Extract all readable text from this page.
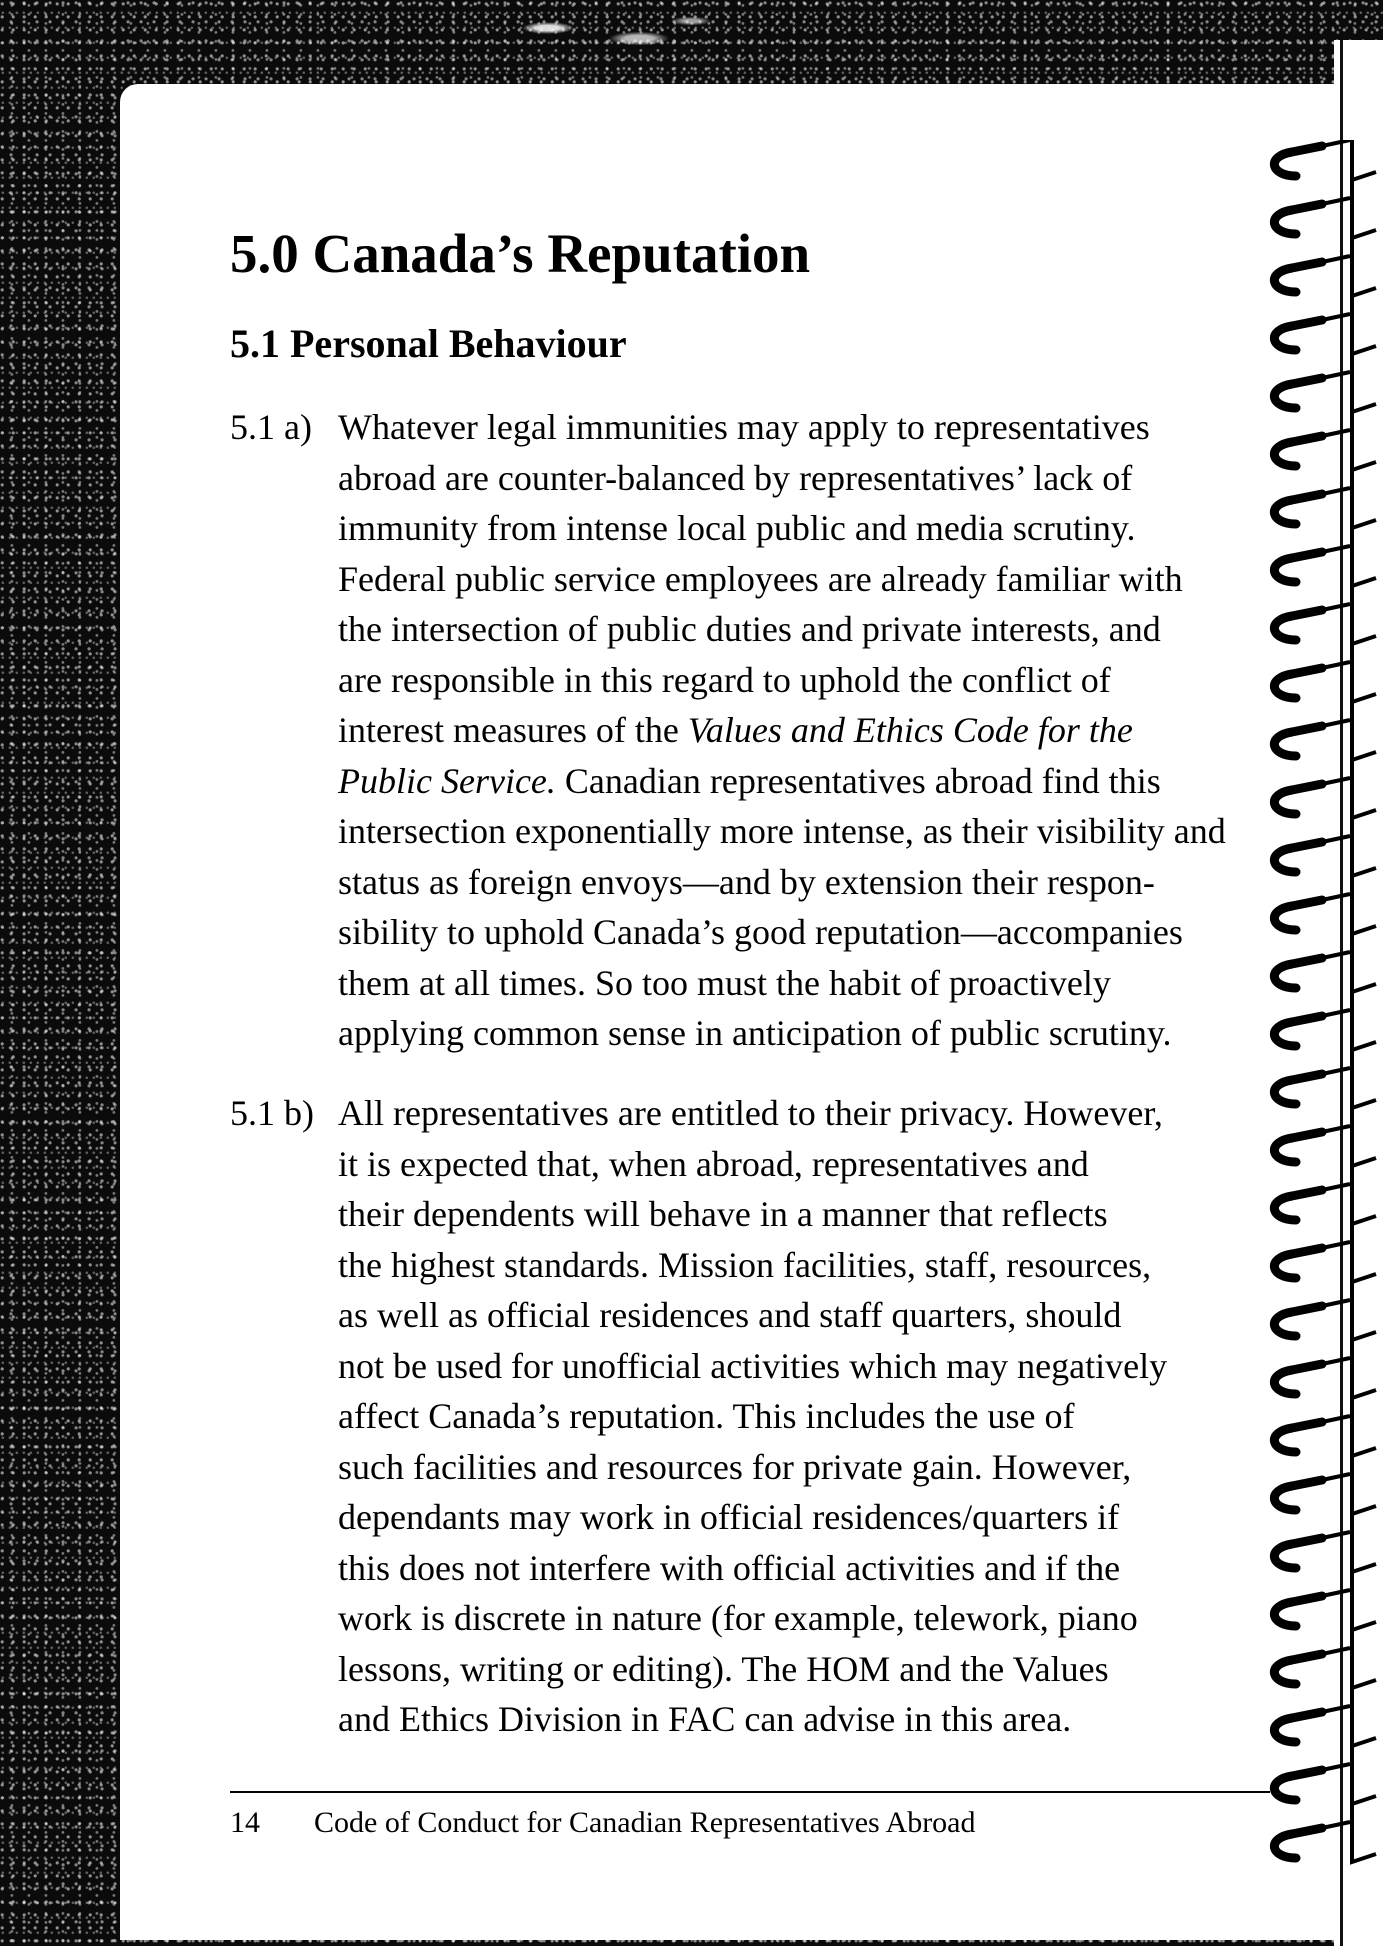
5.0 Canada’s Reputation
5.1 Personal Behaviour
5.1 a) Whatever legal immunities may apply to representatives
abroad are counter-balanced by representatives’ lack of
immunity from intense local public and media scrutiny.
Federal public service employees are already familiar with
the intersection of public duties and private interests, and
are responsible in this regard to uphold the conflict of
interest measures of the Values and Ethics Code for the
Public Service. Canadian representatives abroad find this
intersection exponentially more intense, as their visibility and
status as foreign envoys—and by extension their respon-
sibility to uphold Canada’s good reputation—accompanies
them at all times. So too must the habit of proactively
applying common sense in anticipation of public scrutiny.
5.1 b) All representatives are entitled to their privacy. However,
it is expected that, when abroad, representatives and
their dependents will behave in a manner that reflects
the highest standards. Mission facilities, staff, resources,
as well as official residences and staff quarters, should
not be used for unofficial activities which may negatively
affect Canada’s reputation. This includes the use of
such facilities and resources for private gain. However,
dependants may work in official residences/quarters if
this does not interfere with official activities and if the
work is discrete in nature (for example, telework, piano
lessons, writing or editing). The HOM and the Values
and Ethics Division in FAC can advise in this area.
14 Code of Conduct for Canadian Representatives Abroad
